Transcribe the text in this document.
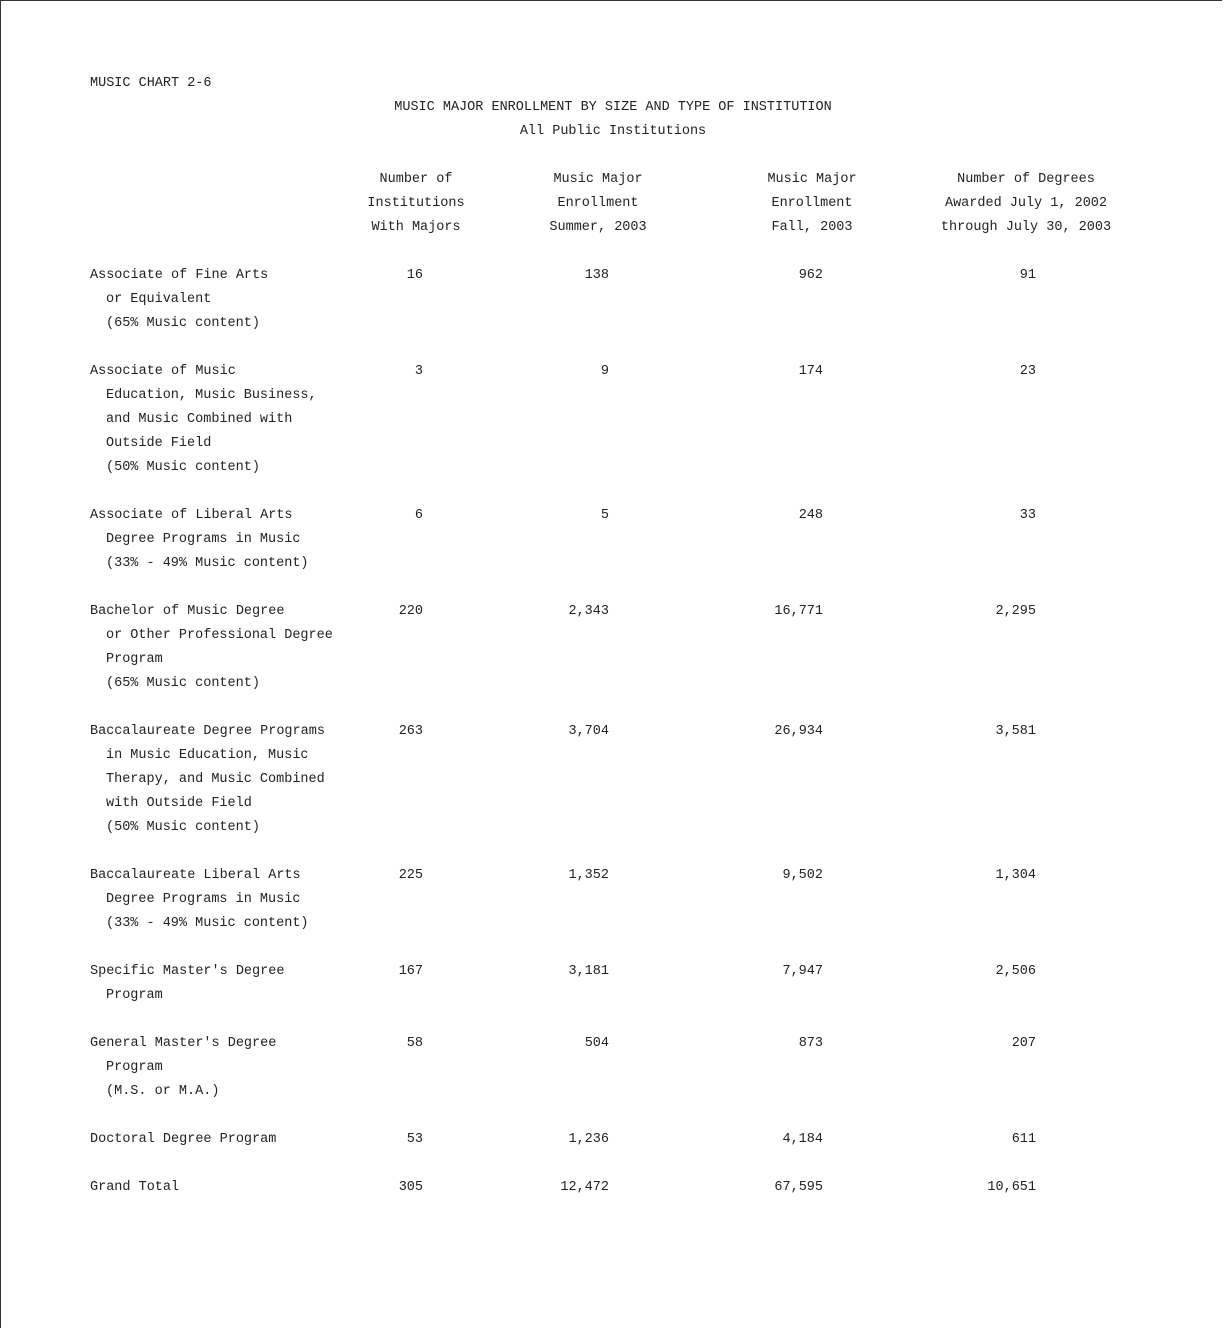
MUSIC CHART 2-6
MUSIC MAJOR ENROLLMENT BY SIZE AND TYPE OF INSTITUTION
All Public Institutions
Number of
Institutions
With Majors
Music Major
Enrollment
Summer, 2003
Music Major
Enrollment
Fall, 2003
Number of Degrees
Awarded July 1, 2002
through July 30, 2003
Associate of Fine Arts
or Equivalent
(65% Music content)
16	138	962	91
Associate of Music
Education, Music Business,
and Music Combined with
Outside Field
(50% Music content)
3	9	174	23
Associate of Liberal Arts
Degree Programs in Music
(33% - 49% Music content)
6	5	248	33
Bachelor of Music Degree
or Other Professional Degree
Program
(65% Music content)
220	2,343	16,771	2,295
Baccalaureate Degree Programs
in Music Education, Music
Therapy, and Music Combined
with Outside Field
(50% Music content)
263	3,704	26,934	3,581
Baccalaureate Liberal Arts
Degree Programs in Music
(33% - 49% Music content)
225	1,352	9,502	1,304
Specific Master's Degree
Program
167	3,181	7,947	2,506
General Master's Degree
Program
(M.S. or M.A.)
58	504	873	207
Doctoral Degree Program	53	1,236	4,184	611
Grand Total	305	12,472	67,595	10,651
